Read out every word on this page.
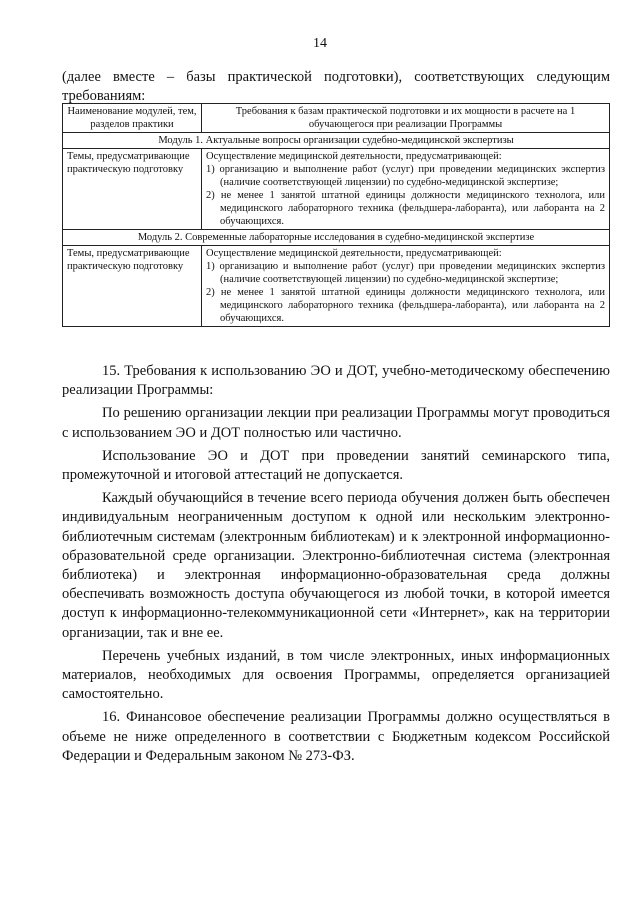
14
(далее вместе – базы практической подготовки), соответствующих следующим требованиям:
Наименование модулей, тем, разделов практики	Требования к базам практической подготовки и их мощности в расчете на 1 обучающегося при реализации Программы
Модуль 1. Актуальные вопросы организации судебно-медицинской экспертизы	
Темы, предусматривающие практическую подготовку	Осуществление медицинской деятельности, предусматривающей:

1) организацию и выполнение работ (услуг) при проведении медицинских экспертиз (наличие соответствующей лицензии) по судебно-медицинской экспертизе;

2) не менее 1 занятой штатной единицы должности медицинского технолога, или медицинского лабораторного техника (фельдшера-лаборанта), или лаборанта на 2 обучающихся.

Модуль 2. Современные лабораторные исследования в судебно-медицинской экспертизе	
Темы, предусматривающие практическую подготовку	Осуществление медицинской деятельности, предусматривающей:

1) организацию и выполнение работ (услуг) при проведении медицинских экспертиз (наличие соответствующей лицензии) по судебно-медицинской экспертизе;

2) не менее 1 занятой штатной единицы должности медицинского технолога, или медицинского лабораторного техника (фельдшера-лаборанта), или лаборанта на 2 обучающихся.

15. Требования к использованию ЭО и ДОТ, учебно-методическому обеспечению реализации Программы:

По решению организации лекции при реализации Программы могут проводиться с использованием ЭО и ДОТ полностью или частично.

Использование ЭО и ДОТ при проведении занятий семинарского типа, промежуточной и итоговой аттестаций не допускается.

Каждый обучающийся в течение всего периода обучения должен быть обеспечен индивидуальным неограниченным доступом к одной или нескольким электронно-библиотечным системам (электронным библиотекам) и к электронной информационно-образовательной среде организации. Электронно-библиотечная система (электронная библиотека) и электронная информационно-образовательная среда должны обеспечивать возможность доступа обучающегося из любой точки, в которой имеется доступ к информационно-телекоммуникационной сети «Интернет», как на территории организации, так и вне ее.

Перечень учебных изданий, в том числе электронных, иных информационных материалов, необходимых для освоения Программы, определяется организацией самостоятельно.

16. Финансовое обеспечение реализации Программы должно осуществляться в объеме не ниже определенного в соответствии с Бюджетным кодексом Российской Федерации и Федеральным законом № 273-ФЗ.
